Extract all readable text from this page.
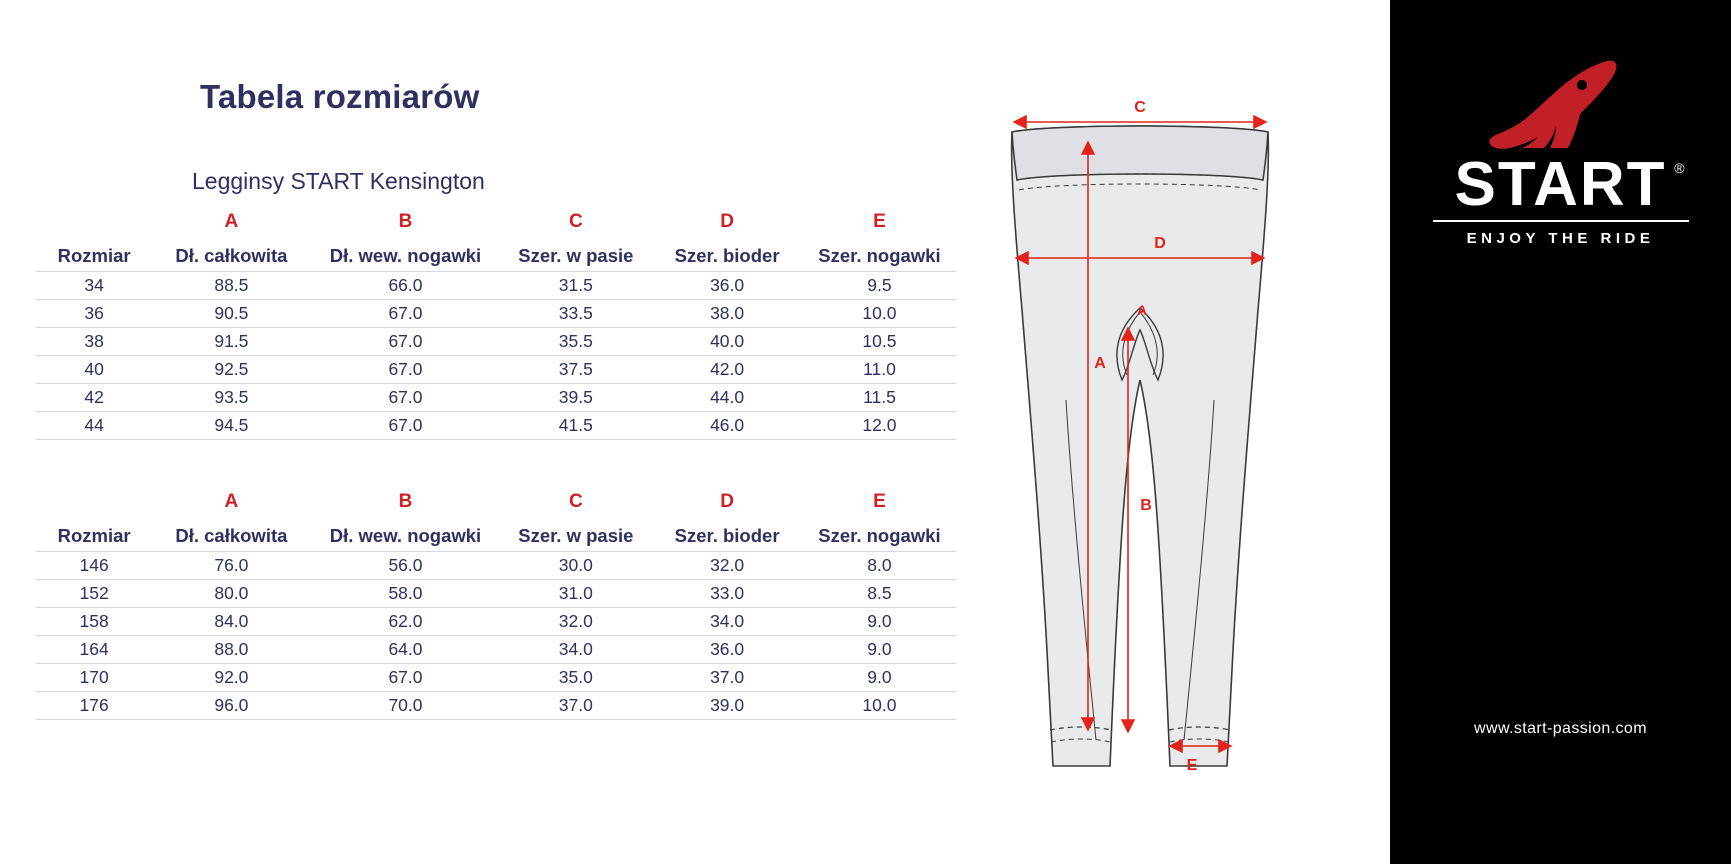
Tabela rozmiarów
Legginsy START Kensington
	A	B	C	D	E
Rozmiar	Dł. całkowita	Dł. wew. nogawki	Szer. w pasie	Szer. bioder	Szer. nogawki
34	88.5	66.0	31.5	36.0	9.5
36	90.5	67.0	33.5	38.0	10.0
38	91.5	67.0	35.5	40.0	10.5
40	92.5	67.0	37.5	42.0	11.0
42	93.5	67.0	39.5	44.0	11.5
44	94.5	67.0	41.5	46.0	12.0
	A	B	C	D	E
Rozmiar	Dł. całkowita	Dł. wew. nogawki	Szer. w pasie	Szer. bioder	Szer. nogawki
146	76.0	56.0	30.0	32.0	8.0
152	80.0	58.0	31.0	33.0	8.5
158	84.0	62.0	32.0	34.0	9.0
164	88.0	64.0	34.0	36.0	9.0
170	92.0	67.0	35.0	37.0	9.0
176	96.0	70.0	37.0	39.0	10.0
C
D
A
A
B
E
START ®
ENJOY THE RIDE
www.start-passion.com
